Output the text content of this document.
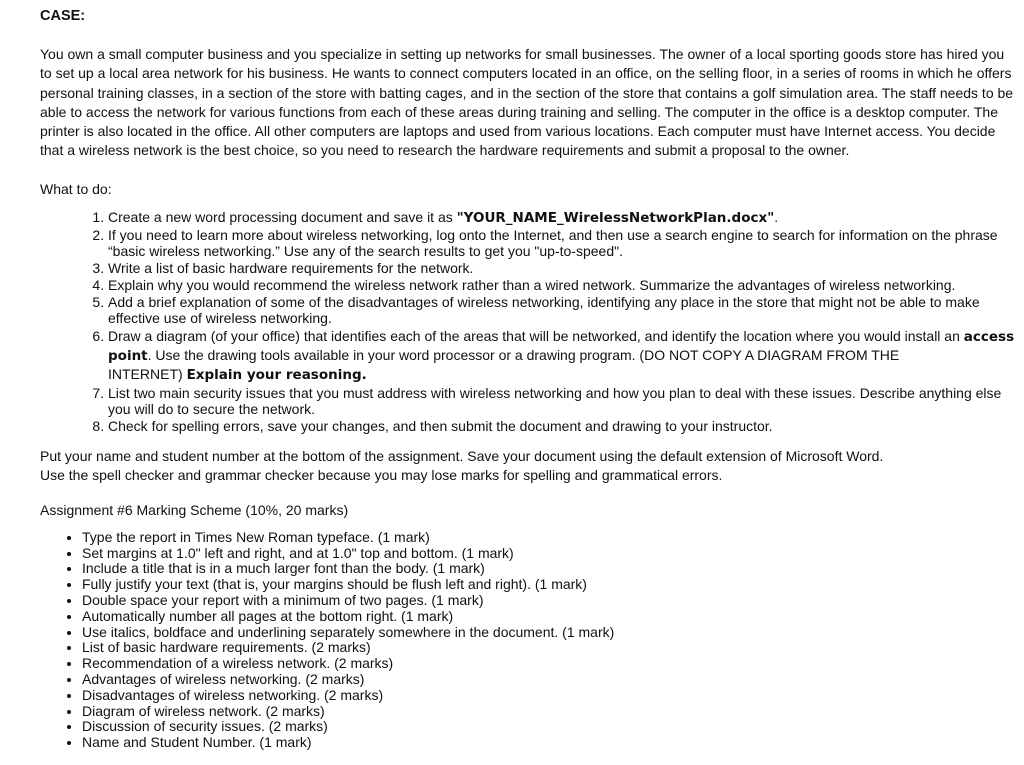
CASE:

You own a small computer business and you specialize in setting up networks for small businesses. The owner of a local sporting goods store has hired you

to set up a local area network for his business. He wants to connect computers located in an office, on the selling floor, in a series of rooms in which he offers

personal training classes, in a section of the store with batting cages, and in the section of the store that contains a golf simulation area. The staff needs to be

able to access the network for various functions from each of these areas during training and selling. The computer in the office is a desktop computer. The

printer is also located in the office. All other computers are laptops and used from various locations. Each computer must have Internet access. You decide

that a wireless network is the best choice, so you need to research the hardware requirements and submit a proposal to the owner.

What to do:
1. Create a new word processing document and save it as "YOUR_NAME_WirelessNetworkPlan.docx".
2. If you need to learn more about wireless networking, log onto the Internet, and then use a search engine to search for information on the phrase
“basic wireless networking.” Use any of the search results to get you "up-to-speed".
3. Write a list of basic hardware requirements for the network.
4. Explain why you would recommend the wireless network rather than a wired network. Summarize the advantages of wireless networking.
5. Add a brief explanation of some of the disadvantages of wireless networking, identifying any place in the store that might not be able to make
effective use of wireless networking.
6. Draw a diagram (of your office) that identifies each of the areas that will be networked, and identify the location where you would install an access
point. Use the drawing tools available in your word processor or a drawing program. (DO NOT COPY A DIAGRAM FROM THE
INTERNET) Explain your reasoning.
7. List two main security issues that you must address with wireless networking and how you plan to deal with these issues. Describe anything else
you will do to secure the network.
8. Check for spelling errors, save your changes, and then submit the document and drawing to your instructor.

Put your name and student number at the bottom of the assignment. Save your document using the default extension of Microsoft Word.

Use the spell checker and grammar checker because you may lose marks for spelling and grammatical errors.

Assignment #6 Marking Scheme (10%, 20 marks)
• Type the report in Times New Roman typeface. (1 mark)
• Set margins at 1.0" left and right, and at 1.0" top and bottom. (1 mark)
• Include a title that is in a much larger font than the body. (1 mark)
• Fully justify your text (that is, your margins should be flush left and right). (1 mark)
• Double space your report with a minimum of two pages. (1 mark)
• Automatically number all pages at the bottom right. (1 mark)
• Use italics, boldface and underlining separately somewhere in the document. (1 mark)
• List of basic hardware requirements. (2 marks)
• Recommendation of a wireless network. (2 marks)
• Advantages of wireless networking. (2 marks)
• Disadvantages of wireless networking. (2 marks)
• Diagram of wireless network. (2 marks)
• Discussion of security issues. (2 marks)
• Name and Student Number. (1 mark)
